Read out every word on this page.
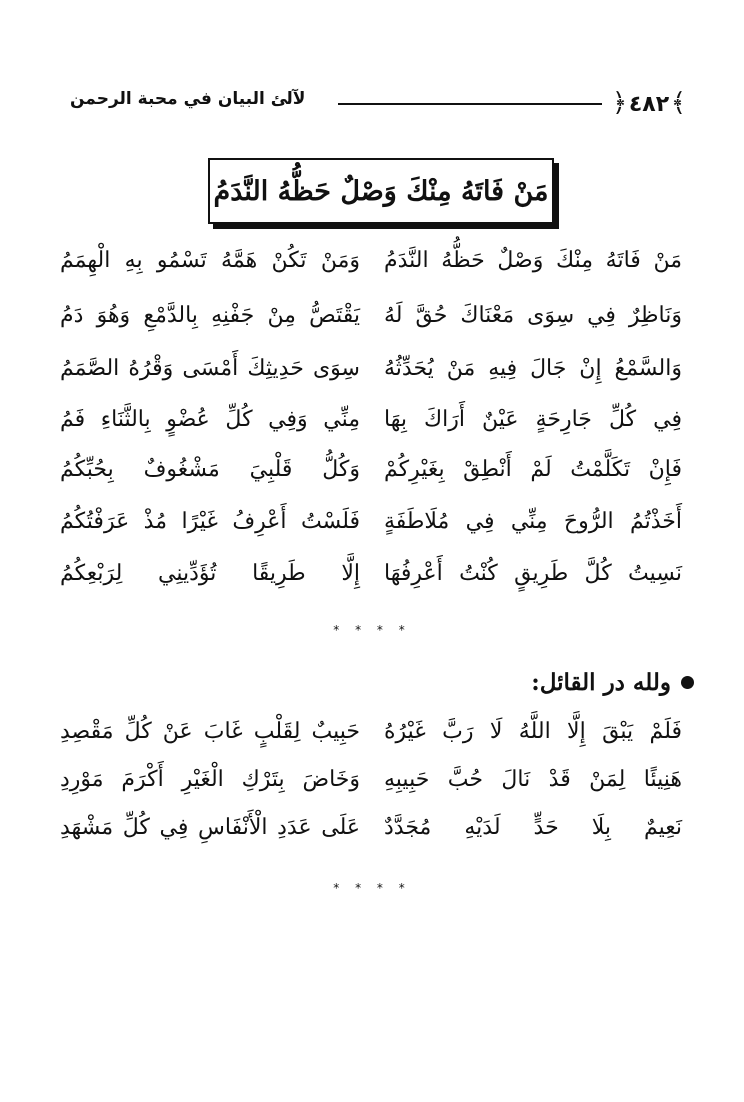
﴿ ٤٨٢ ﴾
لآلئ البيان في محبة الرحمن
مَنْ فَاتَهُ مِنْكَ وَصْلٌ حَظُّهُ النَّدَمُ
مَنْ فَاتَهُ مِنْكَ وَصْلٌ حَظُّهُ النَّدَمُ
وَمَنْ تَكُنْ هَمَّهُ تَسْمُو بِهِ الْهِمَمُ
وَنَاظِرٌ فِي سِوَى مَعْنَاكَ حُقَّ لَهُ
يَقْتَصُّ مِنْ جَفْنِهِ بِالدَّمْعِ وَهُوَ دَمُ
وَالسَّمْعُ إِنْ جَالَ فِيهِ مَنْ يُحَدِّثُهُ
سِوَى حَدِيثِكَ أَمْسَى وَقْرُهُ الصَّمَمُ
فِي كُلِّ جَارِحَةٍ عَيْنٌ أَرَاكَ بِهَا
مِنِّي وَفِي كُلِّ عُضْوٍ بِالثَّنَاءِ فَمُ
فَإِنْ تَكَلَّمْتُ لَمْ أَنْطِقْ بِغَيْرِكُمْ
وَكُلُّ قَلْبِيَ مَشْغُوفٌ بِحُبِّكُمُ
أَخَذْتُمُ الرُّوحَ مِنِّي فِي مُلَاطَفَةٍ
فَلَسْتُ أَعْرِفُ غَيْرًا مُذْ عَرَفْتُكُمُ
نَسِيتُ كُلَّ طَرِيقٍ كُنْتُ أَعْرِفُهَا
إِلَّا طَرِيقًا تُؤَدِّينِي لِرَبْعِكُمُ
* * * *
ولله در القائل:
فَلَمْ يَبْقَ إِلَّا اللَّهُ لَا رَبَّ غَيْرُهُ
حَبِيبٌ لِقَلْبٍ غَابَ عَنْ كُلِّ مَقْصِدِ
هَنِيئًا لِمَنْ قَدْ نَالَ حُبَّ حَبِيبِهِ
وَخَاضَ بِتَرْكِ الْغَيْرِ أَكْرَمَ مَوْرِدِ
نَعِيمٌ بِلَا حَدٍّ لَدَيْهِ مُجَدَّدٌ
عَلَى عَدَدِ الْأَنْفَاسِ فِي كُلِّ مَشْهَدِ
* * * *
